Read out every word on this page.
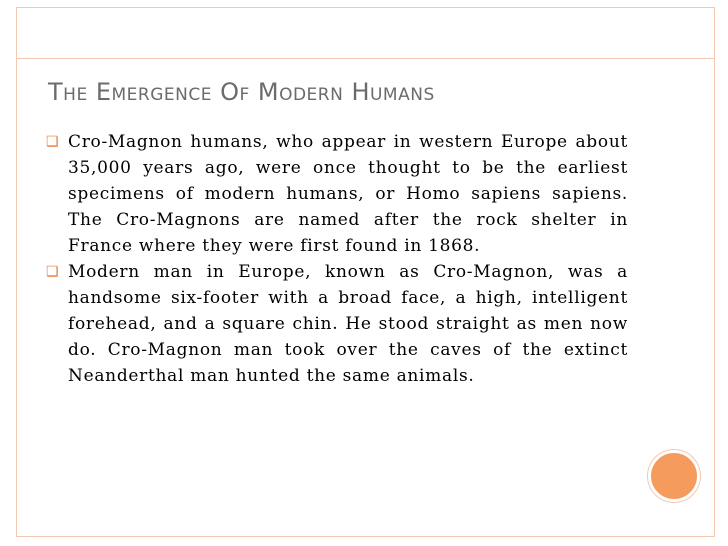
The Emergence Of Modern Humans
❑ Cro-Magnon humans, who appear in western Europe about 35,000 years ago, were once thought to be the earliest specimens of modern humans, or Homo sapiens sapiens. The Cro-Magnons are named after the rock shelter in France where they were first found in 1868.
❑ Modern man in Europe, known as Cro-Magnon, was a handsome six-footer with a broad face, a high, intelligent forehead, and a square chin. He stood straight as men now do. Cro-Magnon man took over the caves of the extinct Neanderthal man hunted the same animals.
